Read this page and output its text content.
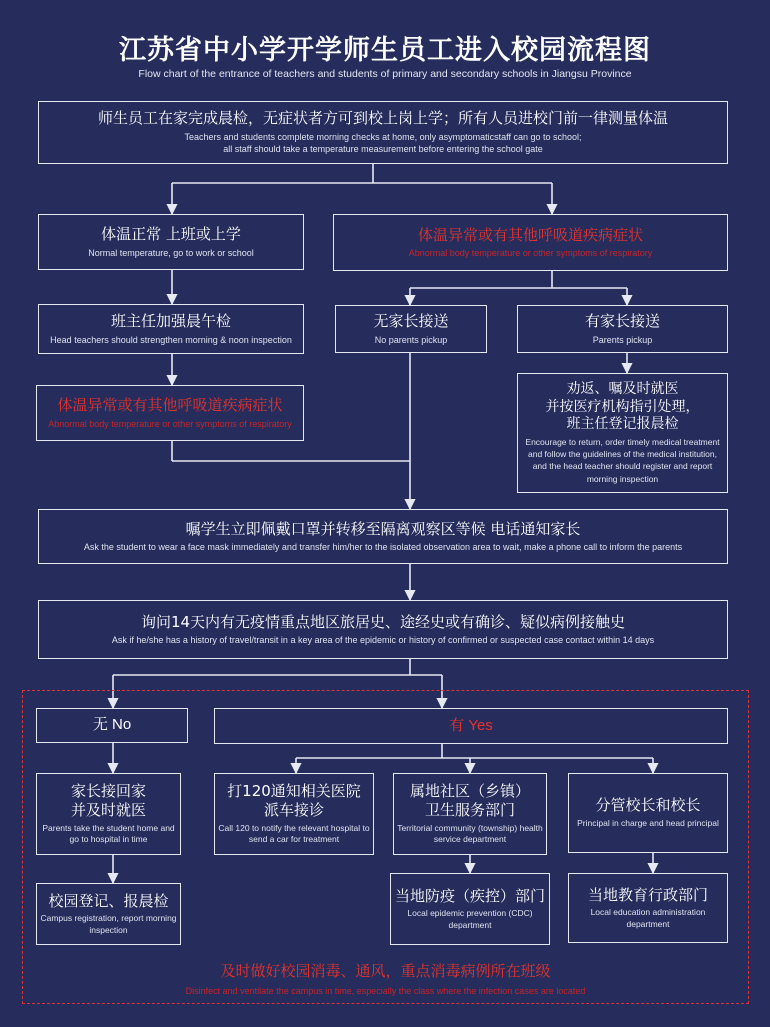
江苏省中小学开学师生员工进入校园流程图
Flow chart of the entrance of teachers and students of primary and secondary schools in Jiangsu Province
师生员工在家完成晨检，无症状者方可到校上岗上学；所有人员进校门前一律测量体温
Teachers and students complete morning checks at home, only asymptomaticstaff can go to school;
all staff should take a temperature measurement before entering the school gate
体温正常 上班或上学
Normal temperature, go to work or school
体温异常或有其他呼吸道疾病症状
Abnormal body temperature or other symptoms of respiratory
班主任加强晨午检
Head teachers should strengthen morning & noon inspection
无家长接送
No parents pickup
有家长接送
Parents pickup
体温异常或有其他呼吸道疾病症状
Abnormal body temperature or other symptoms of respiratory
劝返、嘱及时就医
并按医疗机构指引处理，
班主任登记报晨检
Encourage to return, order timely medical treatment and follow the guidelines of the medical institution, and the head teacher should register and report morning inspection
嘱学生立即佩戴口罩并转移至隔离观察区等候 电话通知家长
Ask the student to wear a face mask immediately and transfer him/her to the isolated observation area to wait, make a phone call to inform the parents
询问14天内有无疫情重点地区旅居史、途经史或有确诊、疑似病例接触史
Ask if he/she has a history of travel/transit in a key area of the epidemic or history of confirmed or suspected case contact within 14 days
无 No	有 Yes
家长接回家
并及时就医
Parents take the student home and go to hospital in time
校园登记、报晨检
Campus registration, report morning inspection
打120通知相关医院
派车接诊
Call 120 to notify the relevant hospital to send a car for treatment
属地社区（乡镇）
卫生服务部门
Territorial community (township) health service department
分管校长和校长
Principal in charge and head principal
当地防疫（疾控）部门
Local epidemic prevention (CDC) department
当地教育行政部门
Local education administration department
及时做好校园消毒、通风，重点消毒病例所在班级
Disinfect and ventilate the campus in time, especially the class where the infection cases are located
